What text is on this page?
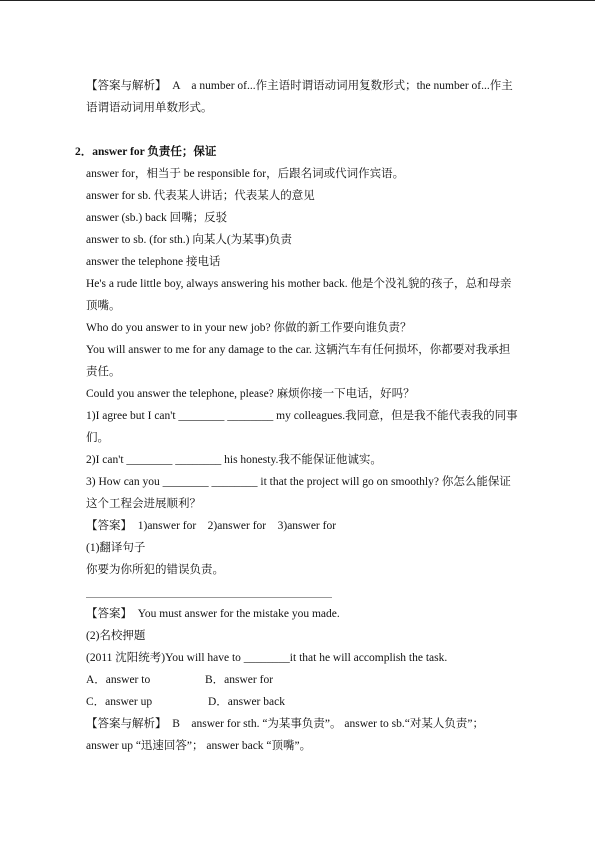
【答案与解析】　A　a number of...作主语时谓语动词用复数形式；the number of...作主
语谓语动词用单数形式。
2．answer for 负责任；保证
answer for，相当于 be responsible for，后跟名词或代词作宾语。
answer for sb. 代表某人讲话；代表某人的意见
answer (sb.) back 回嘴；反驳
answer to sb. (for sth.) 向某人(为某事)负责
answer the telephone 接电话
He's a rude little boy, always answering his mother back. 他是个没礼貌的孩子，总和母亲
顶嘴。
Who do you answer to in your new job? 你做的新工作要向谁负责？
You will answer to me for any damage to the car. 这辆汽车有任何损坏，你都要对我承担
责任。
Could you answer the telephone, please? 麻烦你接一下电话，好吗？
1)I agree but I can't ________ ________ my colleagues.我同意，但是我不能代表我的同事
们。
2)I can't ________ ________ his honesty.我不能保证他诚实。
3) How can you ________ ________ it that the project will go on smoothly? 你怎么能保证
这个工程会进展顺利？
【答案】　1)answer for　2)answer for　3)answer for
(1)翻译句子
你要为你所犯的错误负责。
【答案】　You must answer for the mistake you made.
(2)名校押题
(2011 沈阳统考)You will have to ________it that he will accomplish the task.
A．answer to	B．answer for
C．answer up	D．answer back
【答案与解析】　B　answer for sth. “为某事负责”。 answer to sb.“对某人负责”；
answer up “迅速回答”； answer back “顶嘴”。
